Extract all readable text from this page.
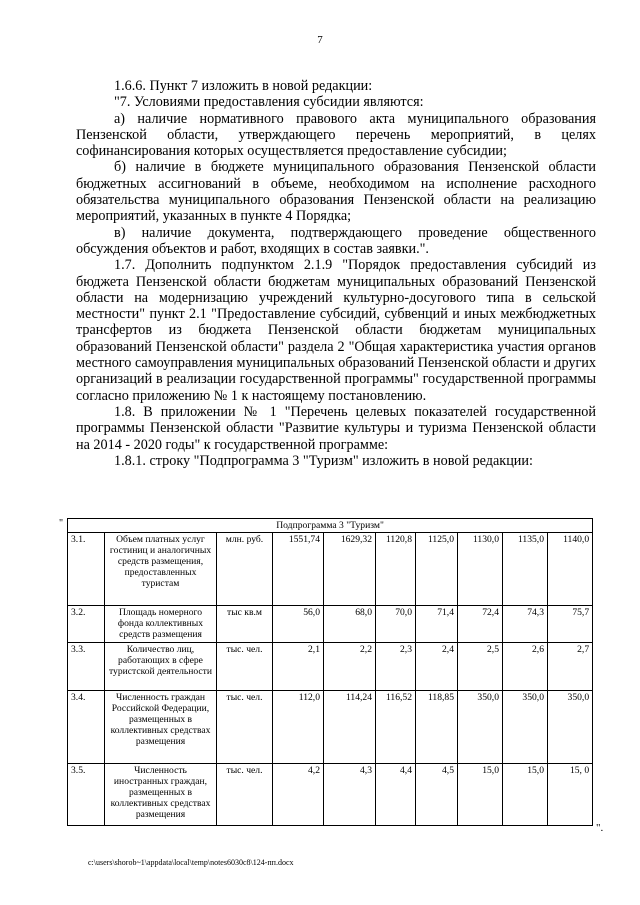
7

1.6.6. Пункт 7 изложить в новой редакции:

"7. Условиями предоставления субсидии являются:

а) наличие нормативного правового акта муниципального образования Пензенской области, утверждающего перечень мероприятий, в целях софинансирования которых осуществляется предоставление субсидии;

б) наличие в бюджете муниципального образования Пензенской области бюджетных ассигнований в объеме, необходимом на исполнение расходного обязательства муниципального образования Пензенской области на реализацию мероприятий, указанных в пункте 4 Порядка;

в) наличие документа, подтверждающего проведение общественного обсуждения объектов и работ, входящих в состав заявки.".

1.7. Дополнить подпунктом 2.1.9 "Порядок предоставления субсидий из бюджета Пензенской области бюджетам муниципальных образований Пензенской области на модернизацию учреждений культурно-досугового типа в сельской местности" пункт 2.1 "Предоставление субсидий, субвенций и иных межбюджетных трансфертов из бюджета Пензенской области бюджетам муниципальных образований Пензенской области" раздела 2 "Общая характеристика участия органов местного самоуправления муниципальных образований Пензенской области и других организаций в реализации государственной программы" государственной программы согласно приложению № 1 к настоящему постановлению.

1.8. В приложении № 1 "Перечень целевых показателей государственной программы Пензенской области "Развитие культуры и туризма Пензенской области на 2014 - 2020 годы" к государственной программе:

1.8.1. строку "Подпрограмма 3 "Туризм" изложить в новой редакции:

"	Подпрограмма 3 "Туризм"									
3.1.	Объем платных услуг гостиниц и аналогичных средств размещения, предоставленных туристам	млн. руб.	1551,74	1629,32	1120,8	1125,0	1130,0	1135,0	1140,0
3.2.	Площадь номерного фонда коллективных средств размещения	тыс кв.м	56,0	68,0	70,0	71,4	72,4	74,3	75,7
3.3.	Количество лиц, работающих в сфере туристской деятельности	тыс. чел.	2,1	2,2	2,3	2,4	2,5	2,6	2,7
3.4.	Численность граждан Российской Федерации, размещенных в коллективных средствах размещения	тыс. чел.	112,0	114,24	116,52	118,85	350,0	350,0	350,0
3.5.	Численность иностранных граждан, размещенных в коллективных средствах размещения	тыс. чел.	4,2	4,3	4,4	4,5	15,0	15,0	15, 0
".
c:\users\shorob~1\appdata\local\temp\notes6030c8\124-пп.docx
